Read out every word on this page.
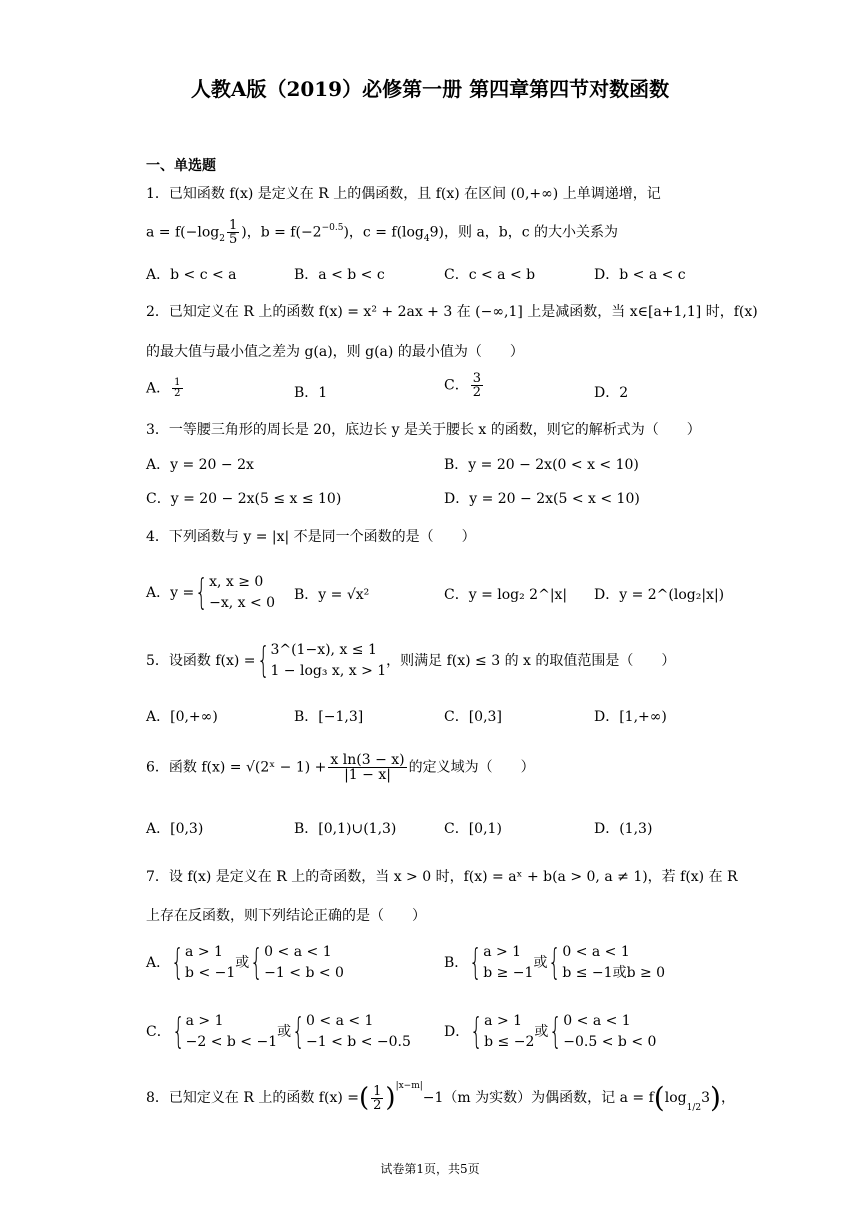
人教A版（2019）必修第一册 第四章第四节对数函数
一、单选题
1．已知函数 f(x) 是定义在 R 上的偶函数，且 f(x) 在区间 (0,+∞) 上单调递增，记
$a = f(-\log_2 \frac{1}{5}$ )，$b = f(-2^{-0.5})$，$c = f(\log_49)$，则 a，b，c 的大小关系为
A．b < c < a	B．a < b < c	C．c < a < b	D．b < a < c
2．已知定义在 R 上的函数 f(x) = x² + 2ax + 3 在 (−∞,1] 上是减函数，当 x∈[a+1,1] 时，f(x)
的最大值与最小值之差为 g(a)，则 g(a) 的最小值为（　　）
A． $\frac{1}{2}$	B．1	C． $\frac{3}{2}$	D．2
3．一等腰三角形的周长是 20，底边长 y 是关于腰长 x 的函数，则它的解析式为（　　）
A．y = 20 − 2x	B．y = 20 − 2x(0 < x < 10)
C．y = 20 − 2x(5 ≤ x ≤ 10)	D．y = 20 − 2x(5 < x < 10)
4．下列函数与 y = |x| 不是同一个函数的是（　　）
A．y ={ x, x ≥ 0
−x, x < 0 B．y = √x²	C．y = log₂ 2^|x| D．y = 2^(log₂|x|)
5．设函数 f(x) ={ 3^(1−x), x ≤ 1
1 − log₃ x, x > 1
，则满足 f(x) ≤ 3 的 x 的取值范围是（　　）
A．[0,+∞)	B．[−1,3]	C．[0,3]	D．[1,+∞)
6．函数 f(x) = √(2ˣ − $1) + \frac{\text{x ln(3 − x)}}{|1 - x|}$ 的定义域为（　　）
A．[0,3)	B．[0,1)∪(1,3)	C．[0,1)	D．(1,3)
7．设 f(x) 是定义在 R 上的奇函数，当 x > 0 时，f(x) = aˣ + b(a > 0, a ≠ 1)，若 f(x) 在 R
上存在反函数，则下列结论正确的是（　　）
A．{ a > 1
b < −1
或{ 0 < a < 1
−1 < b < 0
B．{ a > 1
b ≥ −1
或{ 0 < a < 1
b ≤ −1或b ≥ 0
C．{ a > 1
−2 < b < −1
或{ 0 < a < 1
−1 < b < −0.5
D．{ a > 1
b ≤ −2
或{ 0 < a < 1
−0.5 < b < 0
8．已知定义在 R 上的函数 f(x) =( $\frac{1}{2} )^{|x-m|}-1(m$ 为实数）为偶函数，记 $a = f(\log_{1/2}3)$，
试卷第1页，共5页
